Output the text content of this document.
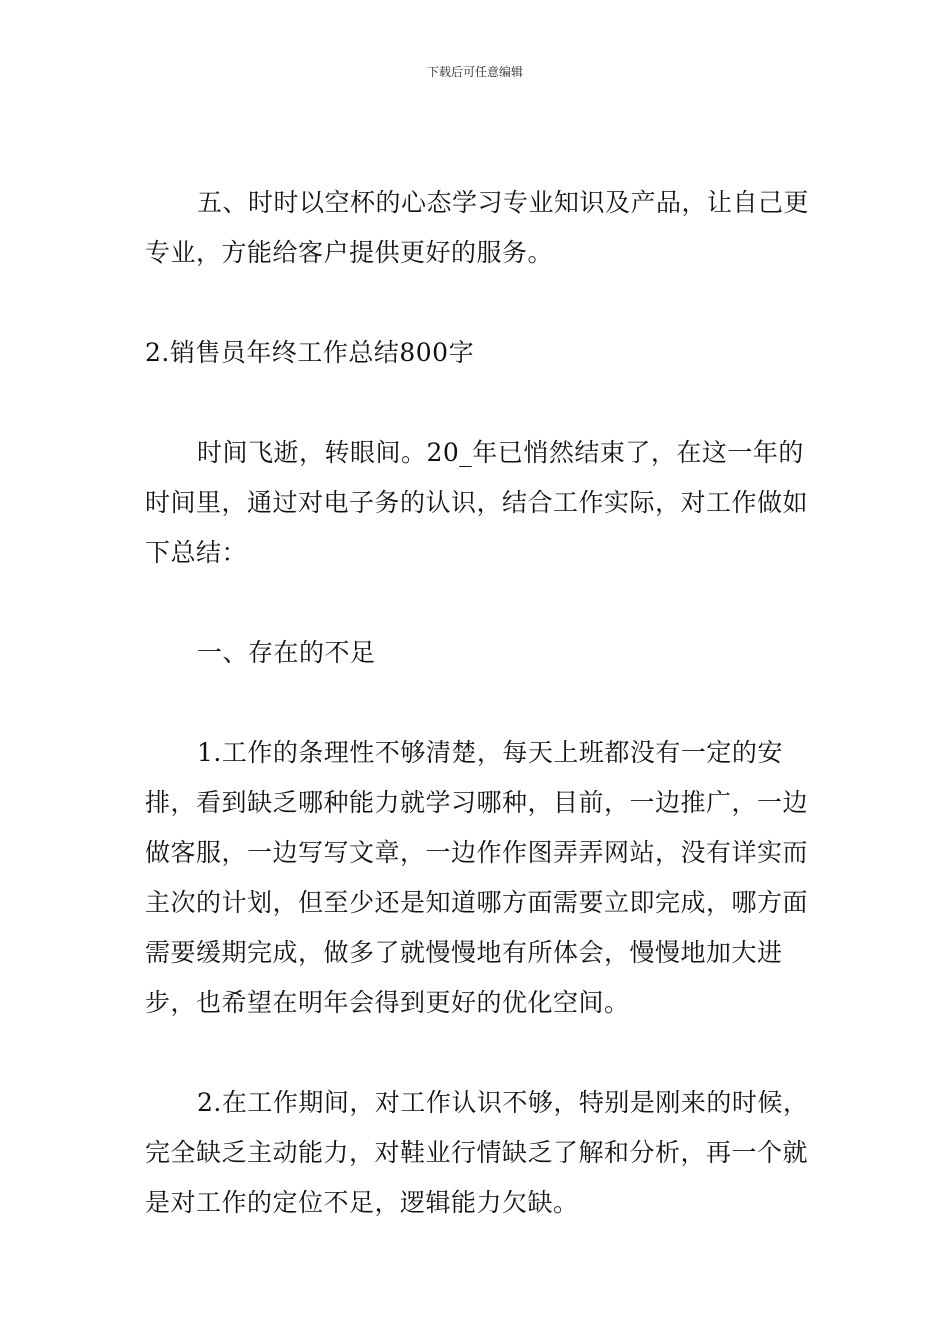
下载后可任意编辑

五、时时以空杯的心态学习专业知识及产品，让自己更专业，方能给客户提供更好的服务。

2.销售员年终工作总结800字

时间飞逝，转眼间。20_年已悄然结束了，在这一年的时间里，通过对电子务的认识，结合工作实际，对工作做如下总结：

一、存在的不足

1.工作的条理性不够清楚，每天上班都没有一定的安排，看到缺乏哪种能力就学习哪种，目前，一边推广，一边做客服，一边写写文章，一边作作图弄弄网站，没有详实而主次的计划，但至少还是知道哪方面需要立即完成，哪方面需要缓期完成，做多了就慢慢地有所体会，慢慢地加大进步，也希望在明年会得到更好的优化空间。

2.在工作期间，对工作认识不够，特别是刚来的时候，完全缺乏主动能力，对鞋业行情缺乏了解和分析，再一个就是对工作的定位不足，逻辑能力欠缺。
